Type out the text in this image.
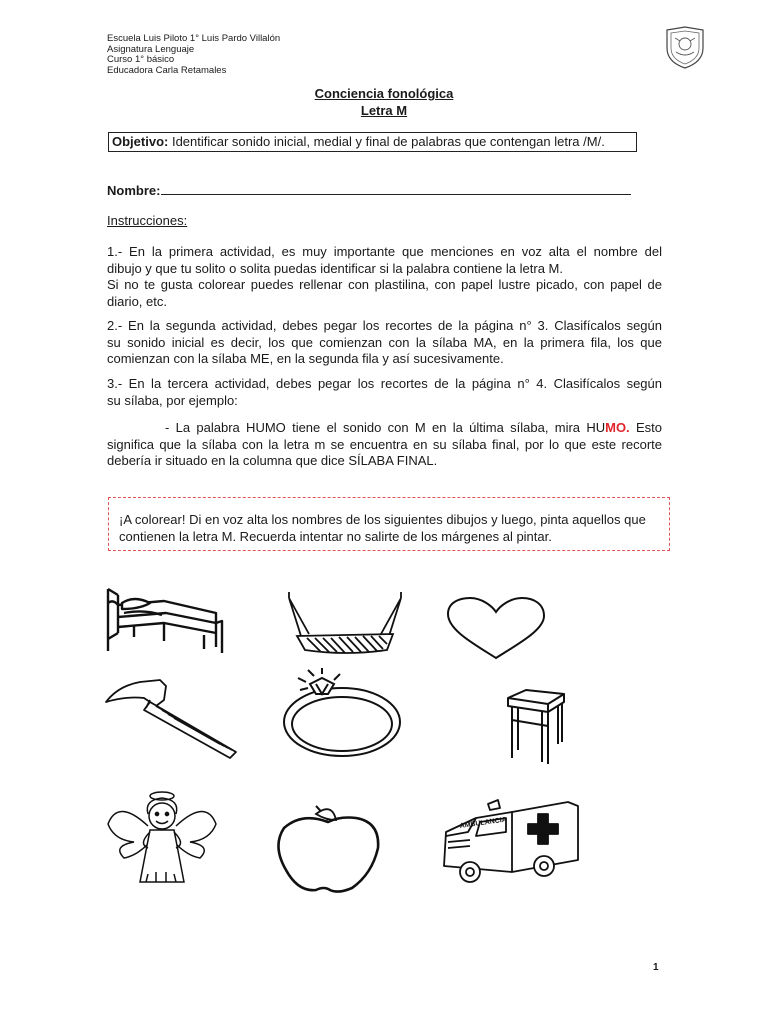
Escuela Luis Piloto 1° Luis Pardo Villalón
Asignatura Lenguaje
Curso 1° básico
Educadora Carla Retamales
Conciencia fonológica
Letra M
Objetivo: Identificar sonido inicial, medial y final de palabras que contengan letra /M/.
Nombre:
Instrucciones:
1.- En la primera actividad, es muy importante que menciones en voz alta el nombre del
dibujo y que tu solito o solita puedas identificar si la palabra contiene la letra M.
Si no te gusta colorear puedes rellenar con plastilina, con papel lustre picado, con papel de
diario, etc.
2.- En la segunda actividad, debes pegar los recortes de la página n° 3. Clasifícalos según
su sonido inicial es decir, los que comienzan con la sílaba MA, en la primera fila, los que
comienzan con la sílaba ME, en la segunda fila y así sucesivamente.
3.- En la tercera actividad, debes pegar los recortes de la página n° 4. Clasifícalos según
su sílaba, por ejemplo:
- La palabra HUMO tiene el sonido con M en la última sílaba, mira HUMO. Esto
significa que la sílaba con la letra m se encuentra en su sílaba final, por lo que este recorte
debería ir situado en la columna que dice SÍLABA FINAL.
¡A colorear! Di en voz alta los nombres de los siguientes dibujos y luego, pinta aquellos que
contienen la letra M. Recuerda intentar no salirte de los márgenes al pintar.
AMBULANCIA
1
